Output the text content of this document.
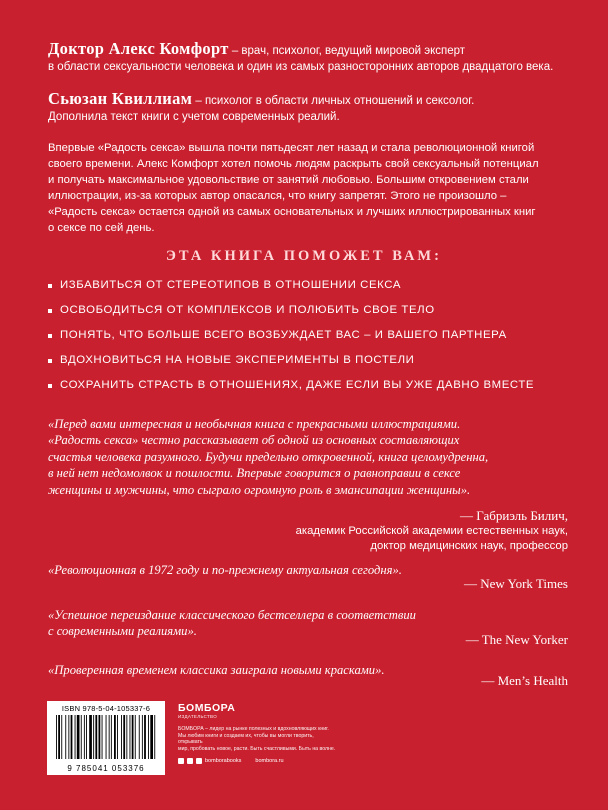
Доктор Алекс Комфорт – врач, психолог, ведущий мировой эксперт
в области сексуальности человека и один из самых разносторонних авторов двадцатого века.
Сьюзан Квиллиам – психолог в области личных отношений и сексолог.
Дополнила текст книги с учетом современных реалий.

Впервые «Радость секса» вышла почти пятьдесят лет назад и стала революционной книгой

своего времени. Алекс Комфорт хотел помочь людям раскрыть свой сексуальный потенциал

и получать максимальное удовольствие от занятий любовью. Большим откровением стали

иллюстрации, из-за которых автор опасался, что книгу запретят. Этого не произошло –

«Радость секса» остается одной из самых основательных и лучших иллюстрированных книг

о сексе по сей день.

ЭТА КНИГА ПОМОЖЕТ ВАМ:
ИЗБАВИТЬСЯ ОТ СТЕРЕОТИПОВ В ОТНОШЕНИИ СЕКСА
ОСВОБОДИТЬСЯ ОТ КОМПЛЕКСОВ И ПОЛЮБИТЬ СВОЕ ТЕЛО
ПОНЯТЬ, ЧТО БОЛЬШЕ ВСЕГО ВОЗБУЖДАЕТ ВАС – И ВАШЕГО ПАРТНЕРА
ВДОХНОВИТЬСЯ НА НОВЫЕ ЭКСПЕРИМЕНТЫ В ПОСТЕЛИ
СОХРАНИТЬ СТРАСТЬ В ОТНОШЕНИЯХ, ДАЖЕ ЕСЛИ ВЫ УЖЕ ДАВНО ВМЕСТЕ
«Перед вами интересная и необычная книга с прекрасными иллюстрациями.
«Радость секса» честно рассказывает об одной из основных составляющих
счастья человека разумного. Будучи предельно откровенной, книга целомудренна,
в ней нет недомолвок и пошлости. Впервые говорится о равноправии в сексе
женщины и мужчины, что сыграло огромную роль в эмансипации женщины».
— Габриэль Билич,
академик Российской академии естественных наук,
доктор медицинских наук, профессор
«Революционная в 1972 году и по-прежнему актуальная сегодня».
— New York Times
«Успешное переиздание классического бестселлера в соответствии
с современными реалиями».
— The New Yorker
«Проверенная временем классика заиграла новыми красками».
— Men’s Health
ISBN 978-5-04-105337-6
9 785041 053376
БОМБОРА
ИЗДАТЕЛЬСТВО
БОМБОРА – лидер на рынке полезных и вдохновляющих книг.
Мы любим книги и создаем их, чтобы вы могли творить, открывать
мир, пробовать новое, расти. Быть счастливыми. Быть на волне.
bomborabooks	bombora.ru
